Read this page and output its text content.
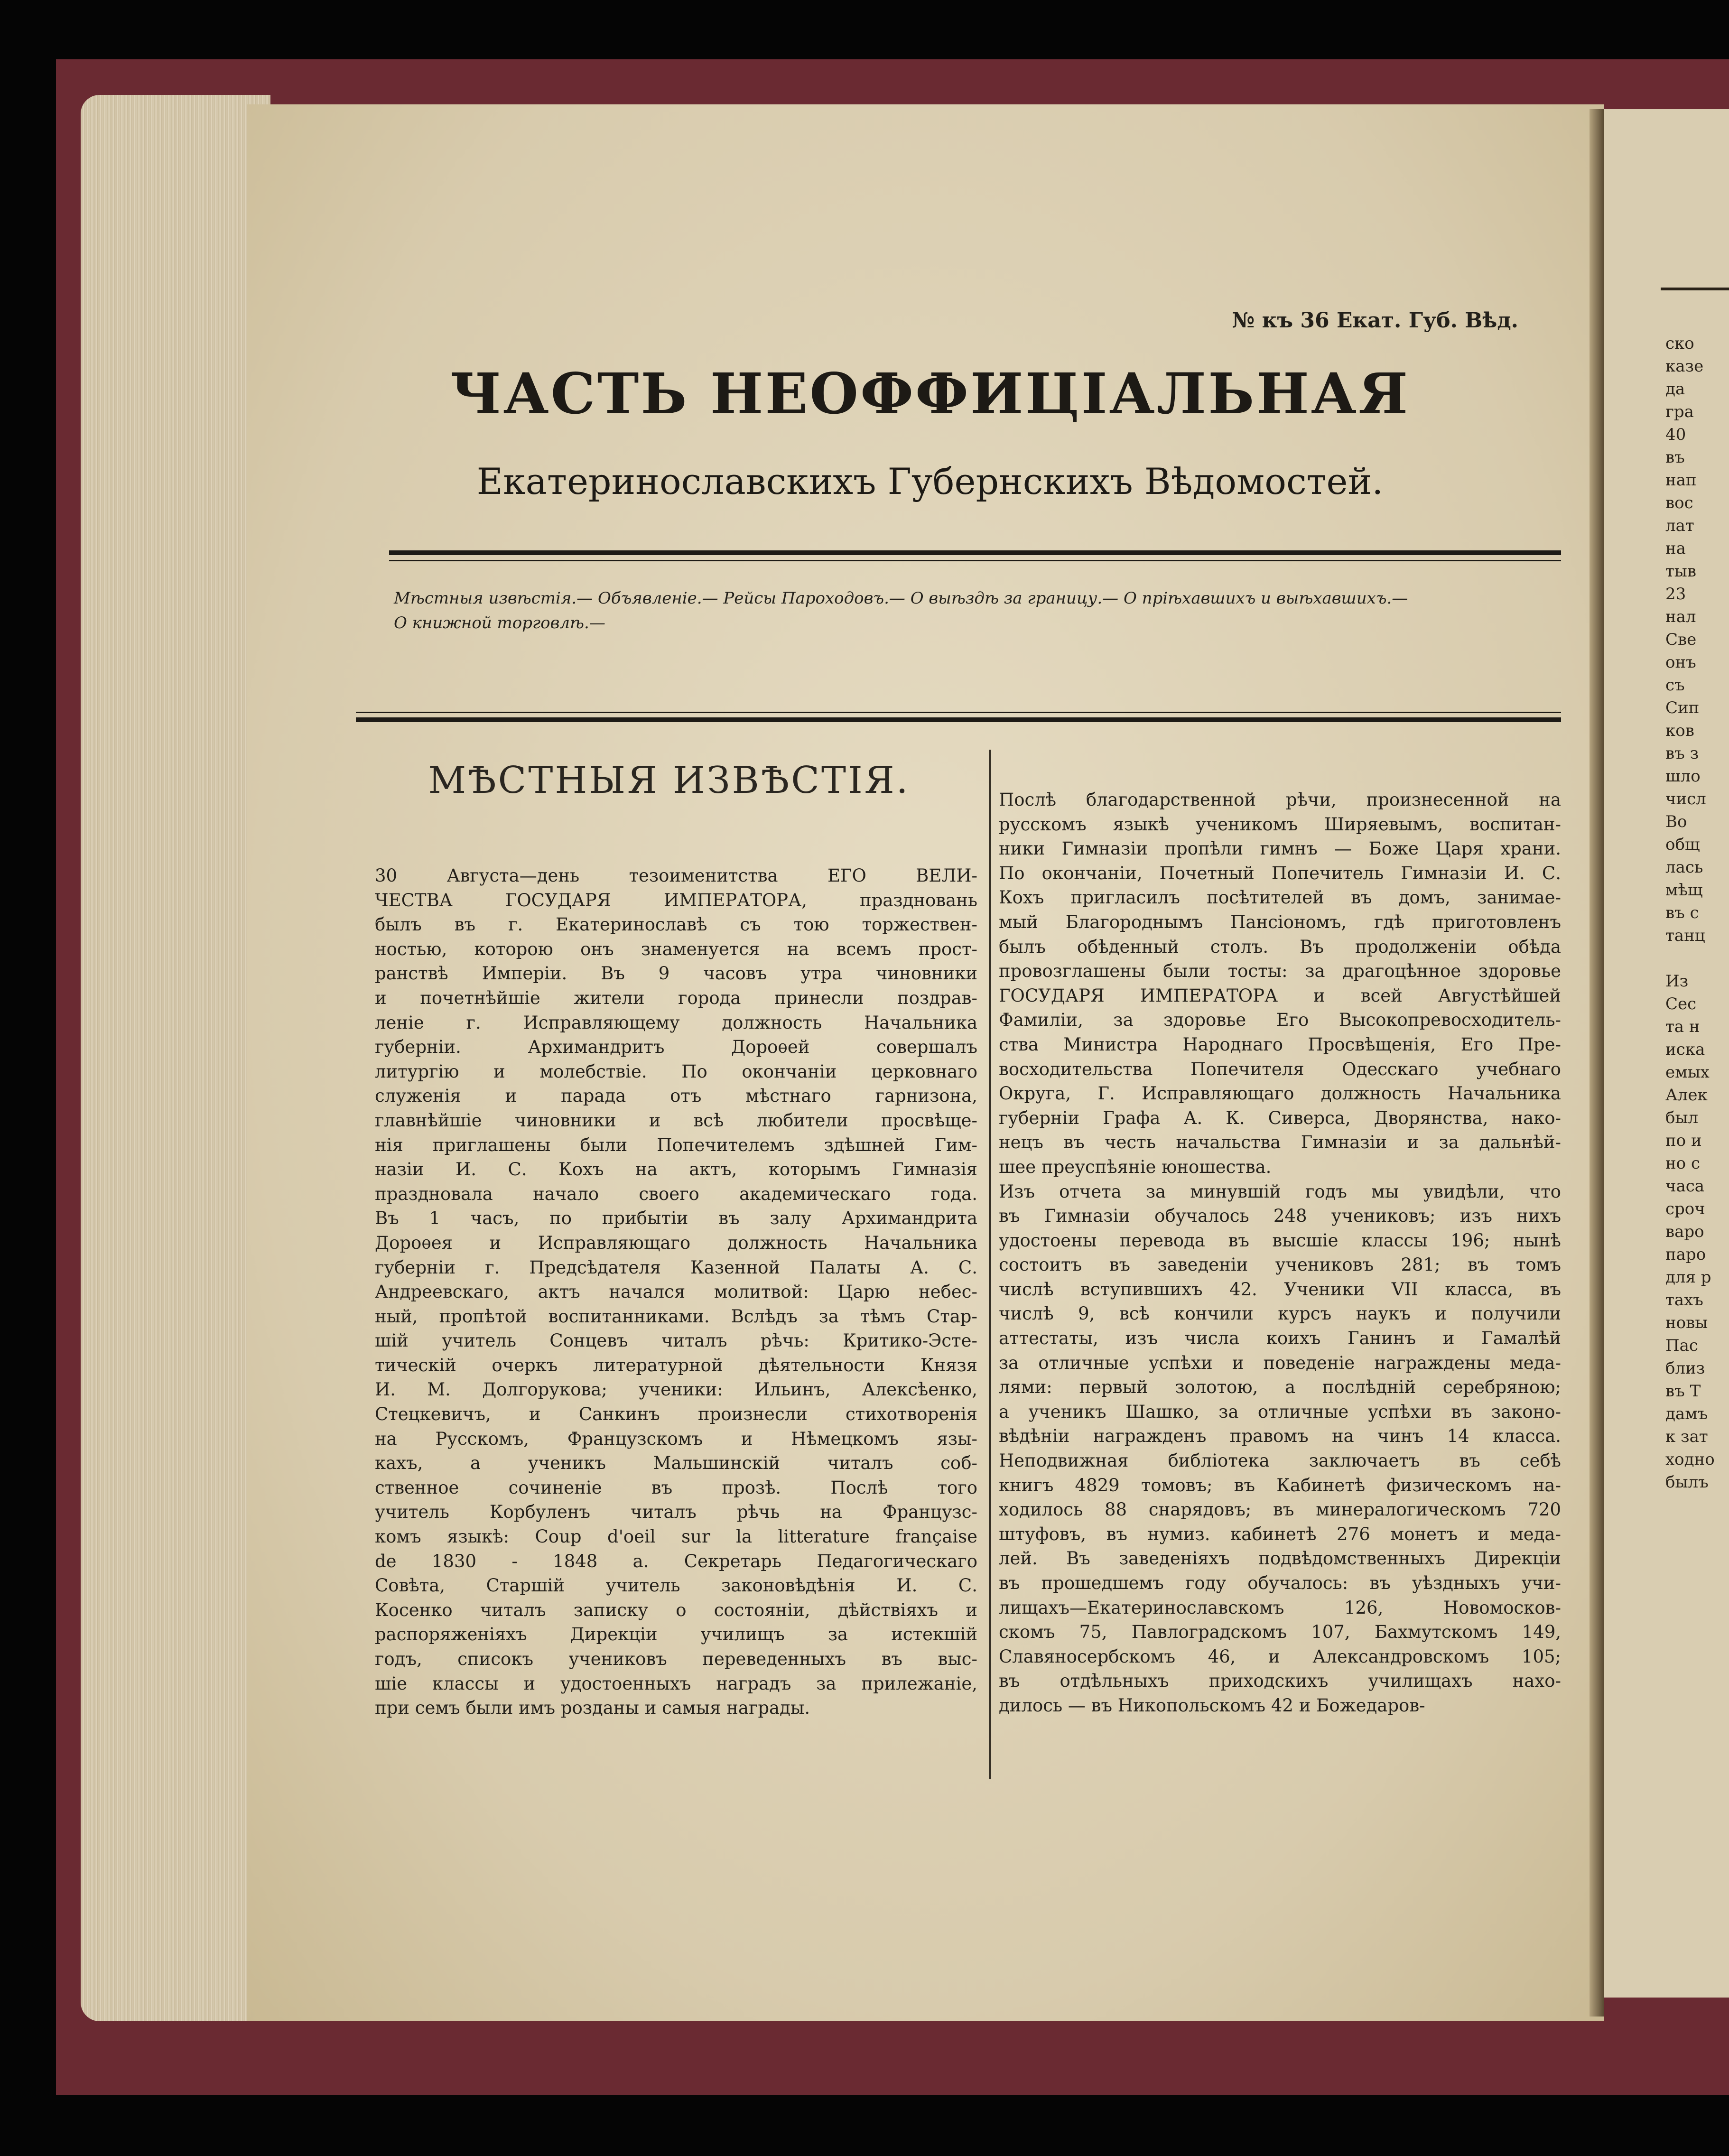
ско
казе
да
гра
40
въ
нап
вос
лат
на
тыв
23
нал
Све
онъ
съ
Сип
ков
въ з
шло
числ
Во
общ
лась
мѣщ
въ с
танц

Из
Сес
та н
иска
емых
Алек
был
по и
но с
часа
сроч
варо
паро
для р
тахъ
новы
Пас
близ
въ Т
дамъ
к зат
ходно
былъ
№ къ 36 Екат. Губ. Вѣд.
ЧАСТЬ НЕОФФИЦІАЛЬНАЯ
Екатеринославскихъ Губернскихъ Вѣдомостей.
Мѣстныя извѣстія.— Объявленіе.— Рейсы Пароходовъ.— О выѣздѣ за границу.— О пріѣхавшихъ и выѣхавшихъ.—
О книжной торговлѣ.—
МѢСТНЫЯ ИЗВѢСТІЯ.
30 Августа—день тезоименитства ЕГО ВЕЛИ-
ЧЕСТВА ГОСУДАРЯ ИМПЕРАТОРА, праздновань
былъ въ г. Екатеринославѣ съ тою торжествен-
ностью, которою онъ знаменуется на всемъ прост-
ранствѣ Имперіи. Въ 9 часовъ утра чиновники
и почетнѣйшіе жители города принесли поздрав-
леніе г. Исправляющему должность Начальника
губерніи. Архимандритъ Дороѳей совершалъ
литургію и молебствіе. По окончаніи церковнаго
служенія и парада отъ мѣстнаго гарнизона,
главнѣйшіе чиновники и всѣ любители просвѣще-
нія приглашены были Попечителемъ здѣшней Гим-
назіи И. С. Кохъ на актъ, которымъ Гимназія
праздновала начало своего академическаго года.
Въ 1 часъ, по прибытіи въ залу Архимандрита
Дороѳея и Исправляющаго должность Начальника
губерніи г. Предсѣдателя Казенной Палаты А. С.
Андреевскаго, актъ начался молитвой: Царю небес-
ный, пропѣтой воспитанниками. Вслѣдъ за тѣмъ Стар-
шій учитель Сонцевъ читалъ рѣчь: Критико-Эсте-
тическій очеркъ литературной дѣятельности Князя
И. М. Долгорукова; ученики: Ильинъ, Алексѣенко,
Стецкевичъ, и Санкинъ произнесли стихотворенія
на Русскомъ, Французскомъ и Нѣмецкомъ язы-
кахъ, а ученикъ Мальшинскій читалъ соб-
ственное сочиненіе въ прозѣ. Послѣ того
учитель Корбуленъ читалъ рѣчь на Французс-
комъ языкѣ: Coup d'oeil sur la litterature française
de 1830 - 1848 a. Секретарь Педагогическаго
Совѣта, Старшій учитель законовѣдѣнія И. С.
Косенко читалъ записку о состояніи, дѣйствіяхъ и
распоряженіяхъ Дирекціи училищъ за истекшій
годъ, списокъ учениковъ переведенныхъ въ выс-
шіе классы и удостоенныхъ наградъ за прилежаніе,
при семъ были имъ розданы и самыя награды.
Послѣ благодарственной рѣчи, произнесенной на
русскомъ языкѣ ученикомъ Ширяевымъ, воспитан-
ники Гимназіи пропѣли гимнъ — Боже Царя храни.
По окончаніи, Почетный Попечитель Гимназіи И. С.
Кохъ пригласилъ посѣтителей въ домъ, занимае-
мый Благороднымъ Пансіономъ, гдѣ приготовленъ
былъ обѣденный столъ. Въ продолженіи обѣда
провозглашены были тосты: за драгоцѣнное здоровье
ГОСУДАРЯ ИМПЕРАТОРА и всей Августѣйшей
Фамиліи, за здоровье Его Высокопревосходитель-
ства Министра Народнаго Просвѣщенія, Его Пре-
восходительства Попечителя Одесскаго учебнаго
Округа, Г. Исправляющаго должность Начальника
губерніи Графа А. К. Сиверса, Дворянства, нако-
нецъ въ честь начальства Гимназіи и за дальнѣй-
шее преуспѣяніе юношества.
Изъ отчета за минувшій годъ мы увидѣли, что
въ Гимназіи обучалось 248 учениковъ; изъ нихъ
удостоены перевода въ высшіе классы 196; нынѣ
состоитъ въ заведеніи учениковъ 281; въ томъ
числѣ вступившихъ 42. Ученики VII класса, въ
числѣ 9, всѣ кончили курсъ наукъ и получили
аттестаты, изъ числа коихъ Ганинъ и Гамалѣй
за отличные успѣхи и поведеніе награждены меда-
лями: первый золотою, а послѣдній серебряною;
а ученикъ Шашко, за отличные успѣхи въ законо-
вѣдѣніи награжденъ правомъ на чинъ 14 класса.
Неподвижная библіотека заключаетъ въ себѣ
книгъ 4829 томовъ; въ Кабинетѣ физическомъ на-
ходилось 88 снарядовъ; въ минералогическомъ 720
штуфовъ, въ нумиз. кабинетѣ 276 монетъ и меда-
лей. Въ заведеніяхъ подвѣдомственныхъ Дирекціи
въ прошедшемъ году обучалось: въ уѣздныхъ учи-
лищахъ—Екатеринославскомъ 126, Новомосков-
скомъ 75, Павлоградскомъ 107, Бахмутскомъ 149,
Славяносербскомъ 46, и Александровскомъ 105;
въ отдѣльныхъ приходскихъ училищахъ нахо-
дилось — въ Никопольскомъ 42 и Божедаров-
